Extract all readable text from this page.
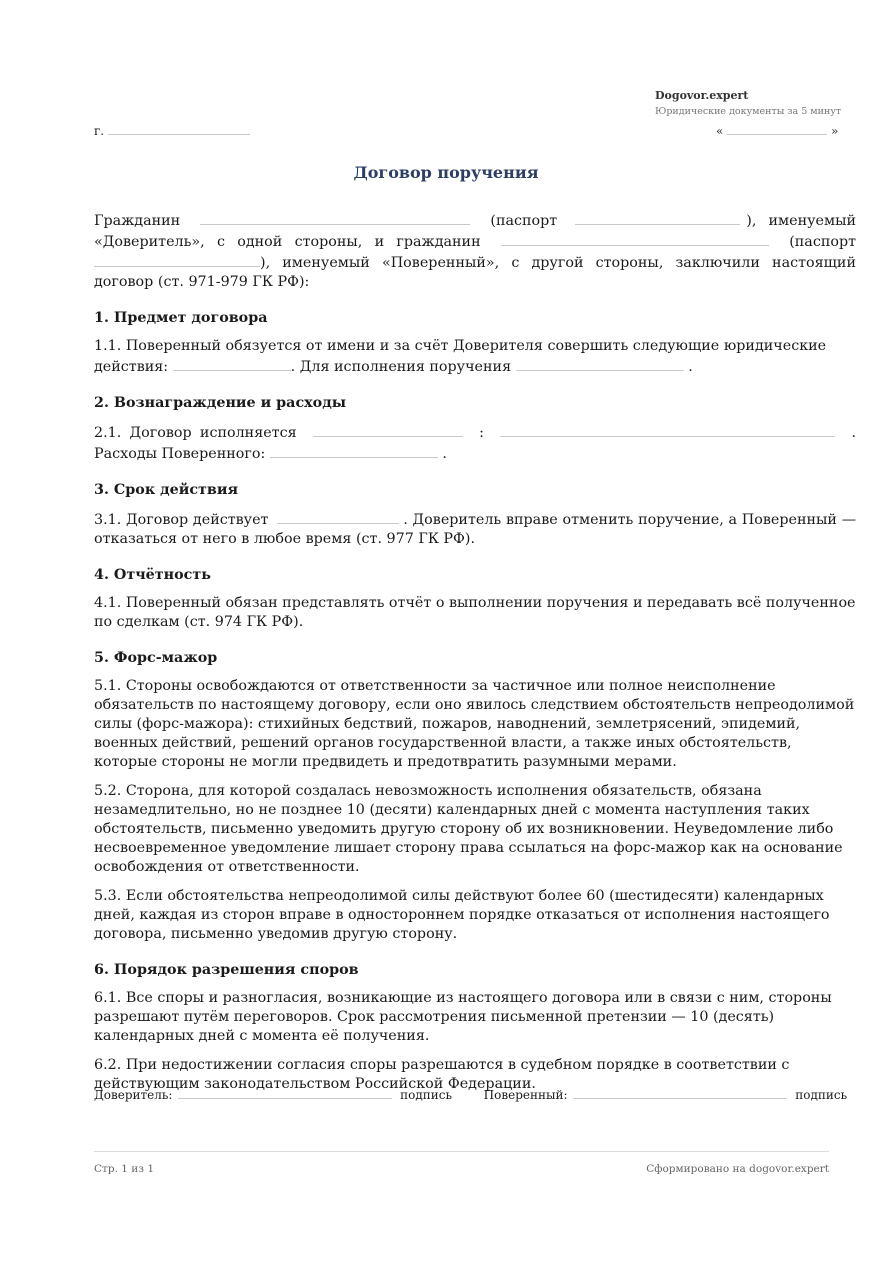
Dogovor.expert
Юридические документы за 5 минут
г.	«	»
Договор поручения

Гражданин	(паспорт	), именуемый «Доверитель», с одной стороны, и гражданин	(паспорт ), именуемый «Поверенный», с другой стороны, заключили настоящий договор (ст. 971-979 ГК РФ):

1. Предмет договора

1.1. Поверенный обязуется от имени и за счёт Доверителя совершить следующие юридические действия:	. Для исполнения поручения	.

2. Вознаграждение и расходы

2.1. Договор исполняется	:	. Расходы Поверенного:	.

3. Срок действия

3.1. Договор действует	. Доверитель вправе отменить поручение, а Поверенный — отказаться от него в любое время (ст. 977 ГК РФ).

4. Отчётность

4.1. Поверенный обязан представлять отчёт о выполнении поручения и передавать всё полученное по сделкам (ст. 974 ГК РФ).

5. Форс-мажор

5.1. Стороны освобождаются от ответственности за частичное или полное неисполнение обязательств по настоящему договору, если оно явилось следствием обстоятельств непреодолимой силы (форс-мажора): стихийных бедствий, пожаров, наводнений, землетрясений, эпидемий, военных действий, решений органов государственной власти, а также иных обстоятельств, которые стороны не могли предвидеть и предотвратить разумными мерами.

5.2. Сторона, для которой создалась невозможность исполнения обязательств, обязана незамедлительно, но не позднее 10 (десяти) календарных дней с момента наступления таких обстоятельств, письменно уведомить другую сторону об их возникновении. Неуведомление либо несвоевременное уведомление лишает сторону права ссылаться на форс-мажор как на основание освобождения от ответственности.

5.3. Если обстоятельства непреодолимой силы действуют более 60 (шестидесяти) календарных дней, каждая из сторон вправе в одностороннем порядке отказаться от исполнения настоящего договора, письменно уведомив другую сторону.

6. Порядок разрешения споров

6.1. Все споры и разногласия, возникающие из настоящего договора или в связи с ним, стороны разрешают путём переговоров. Срок рассмотрения письменной претензии — 10 (десять) календарных дней с момента её получения.

6.2. При недостижении согласия споры разрешаются в судебном порядке в соответствии с действующим законодательством Российской Федерации.

Доверитель:	подпись	Поверенный:	подпись
Стр. 1 из 1	Сформировано на dogovor.expert
